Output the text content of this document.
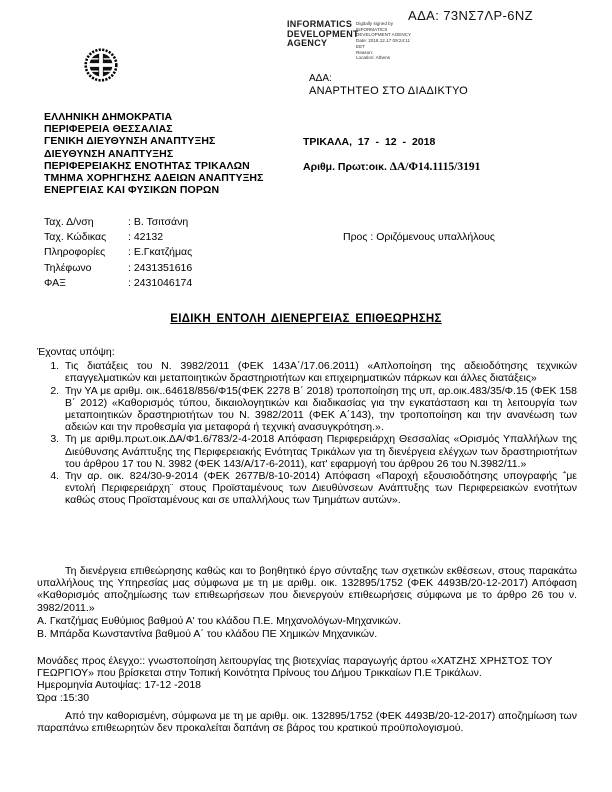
ΑΔΑ: 73ΝΣ7ΛΡ-6ΝΖ
INFORMATICS DEVELOPMENT AGENCY
Digitally signed by
INFORMATICS
DEVELOPMENT AGENCY
Date: 2018.12.17 09:24:11
EET
Reason:
Location: Athens
ΑΔΑ:
ΑΝΑΡΤΗΤΕΟ ΣΤΟ ΔΙΑΔΙΚΤΥΟ
ΕΛΛΗΝΙΚΗ ΔΗΜΟΚΡΑΤΙΑ
ΠΕΡΙΦΕΡΕΙΑ ΘΕΣΣΑΛΙΑΣ
ΓΕΝΙΚΗ ΔΙΕΥΘΥΝΣΗ ΑΝΑΠΤΥΞΗΣ
ΔΙΕΥΘΥΝΣΗ ΑΝΑΠΤΥΞΗΣ
ΠΕΡΙΦΕΡΕΙΑΚΗΣ ΕΝΟΤΗΤΑΣ ΤΡΙΚΑΛΩΝ
ΤΜΗΜΑ ΧΟΡΗΓΗΣΗΣ ΑΔΕΙΩΝ ΑΝΑΠΤΥΞΗΣ
ΕΝΕΡΓΕΙΑΣ ΚΑΙ ΦΥΣΙΚΩΝ ΠΟΡΩΝ
ΤΡΙΚΑΛΑ, 17 - 12 - 2018
Αριθμ. Πρωτ:οικ. ΔΑ/Φ14.1115/3191
Ταχ. Δ/νση	: Β. Τσιτσάνη
Ταχ. Κώδικας	: 42132
Πληροφορίες	: Ε.Γκατζήμας
Τηλέφωνο	: 2431351616
ΦΑΞ	: 2431046174
Προς : Οριζόμενους υπαλλήλους
ΕΙΔΙΚΗ ΕΝΤΟΛΗ ΔΙΕΝΕΡΓΕΙΑΣ ΕΠΙΘΕΩΡΗΣΗΣ
Έχοντας υπόψη:
1. Τις διατάξεις του Ν. 3982/2011 (ΦΕΚ 143Α΄/17.06.2011) «Απλοποίηση της αδειοδότησης τεχνικών επαγγελματικών και μεταποιητικών δραστηριοτήτων και επιχειρηματικών πάρκων και άλλες διατάξεις»
2. Την ΥΑ με αριθμ. οικ..64618/856/Φ15(ΦΕΚ 2278 Β΄ 2018) τροποποίηση της υπ, αρ.οικ.483/35/Φ.15 (ΦΕΚ 158 Β΄ 2012) «Καθορισμός τύπου, δικαιολογητικών και διαδικασίας για την εγκατάσταση και τη λειτουργία των μεταποιητικών δραστηριοτήτων του Ν. 3982/2011 (ΦΕΚ Α΄143), την τροποποίηση και την ανανέωση των αδειών και την προθεσμία για μεταφορά ή τεχνική ανασυγκρότηση.».
3. Τη με αριθμ.πρωτ.οικ.ΔΑ/Φ1.6/783/2-4-2018 Απόφαση Περιφερειάρχη Θεσσαλίας «Ορισμός Υπαλλήλων της Διεύθυνσης Ανάπτυξης της Περιφερειακής Ενότητας Τρικάλων για τη διενέργεια ελέγχων των δραστηριοτήτων του άρθρου 17 του Ν. 3982 (ΦΕΚ 143/Α/17-6-2011), κατ' εφαρμογή του άρθρου 26 του Ν.3982/11.»
4. Την αρ. οικ. 824/30-9-2014 (ΦΕΚ 2677Β/8-10-2014) Απόφαση «Παροχή εξουσιοδότησης υπογραφής ΅με εντολή Περιφερειάρχη¨ στους Προϊσταμένους των Διευθύνσεων Ανάπτυξης των Περιφερειακών ενοτήτων καθώς στους Προϊσταμένους και σε υπαλλήλους των Τμημάτων αυτών».
Τη διενέργεια επιθεώρησης καθώς και το βοηθητικό έργο σύνταξης των σχετικών εκθέσεων, στους παρακάτω υπαλλήλους της Υπηρεσίας μας σύμφωνα με τη με αριθμ. οικ. 132895/1752 (ΦΕΚ 4493Β/20-12-2017) Απόφαση «Καθορισμός αποζημίωσης των επιθεωρήσεων που διενεργούν επιθεωρήσεις σύμφωνα με το άρθρο 26 του ν. 3982/2011.»
Α. Γκατζήμας Ευθύμιος βαθμού Α' του κλάδου Π.Ε. Μηχανολόγων-Μηχανικών.
Β. Μπάρδα Κωνσταντίνα βαθμού Α΄ του κλάδου ΠΕ Χημικών Μηχανικών.
Μονάδες προς έλεγχο:: γνωστοποίηση λειτουργίας της βιοτεχνίας παραγωγής άρτου «ΧΑΤΖΗΣ ΧΡΗΣΤΟΣ ΤΟΥ ΓΕΩΡΓΙΟΥ» που βρίσκεται στην Τοπική Κοινότητα Πρίνους του Δήμου Τρικκαίων Π.Ε Τρικάλων.
Ημερομηνία Αυτοψίας: 17-12 -2018
Ώρα :15:30
Από την καθορισμένη, σύμφωνα με τη με αριθμ. οικ. 132895/1752 (ΦΕΚ 4493Β/20-12-2017) αποζημίωση των παραπάνω επιθεωρητών δεν προκαλείται δαπάνη σε βάρος του κρατικού προϋπολογισμού.
